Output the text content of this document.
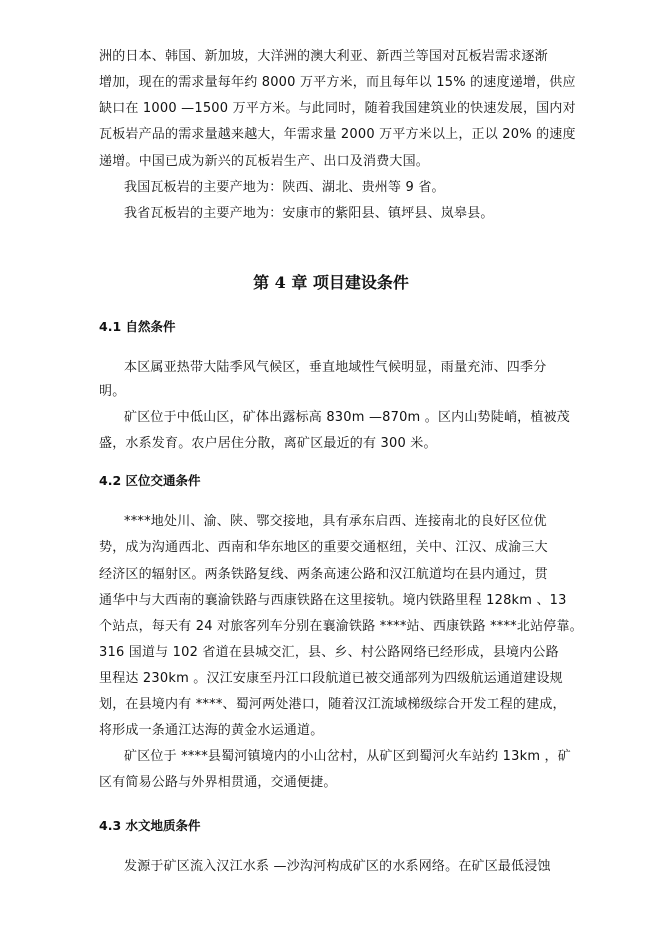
洲的日本、韩国、新加坡，大洋洲的澳大利亚、新西兰等国对瓦板岩需求逐渐
增加，现在的需求量每年约 8000 万平方米，而且每年以 15% 的速度递增，供应
缺口在 1000 —1500 万平方米。与此同时，随着我国建筑业的快速发展，国内对
瓦板岩产品的需求量越来越大，年需求量 2000 万平方米以上，正以 20% 的速度
递增。中国已成为新兴的瓦板岩生产、出口及消费大国。
我国瓦板岩的主要产地为：陕西、湖北、贵州等 9 省。
我省瓦板岩的主要产地为：安康市的紫阳县、镇坪县、岚皋县。
第 4 章 项目建设条件
4.1 自然条件
本区属亚热带大陆季风气候区，垂直地域性气候明显，雨量充沛、四季分
明。
矿区位于中低山区，矿体出露标高 830m —870m 。区内山势陡峭，植被茂
盛，水系发育。农户居住分散，离矿区最近的有 300 米。
4.2 区位交通条件
****地处川、渝、陕、鄂交接地，具有承东启西、连接南北的良好区位优
势，成为沟通西北、西南和华东地区的重要交通枢纽，关中、江汉、成渝三大
经济区的辐射区。两条铁路复线、两条高速公路和汉江航道均在县内通过，贯
通华中与大西南的襄渝铁路与西康铁路在这里接轨。境内铁路里程 128km 、13
个站点，每天有 24 对旅客列车分别在襄渝铁路 ****站、西康铁路 ****北站停靠。
316 国道与 102 省道在县城交汇，县、乡、村公路网络已经形成，县境内公路
里程达 230km 。汉江安康至丹江口段航道已被交通部列为四级航运通道建设规
划，在县境内有 ****、蜀河两处港口，随着汉江流域梯级综合开发工程的建成，
将形成一条通江达海的黄金水运通道。
矿区位于 ****县蜀河镇境内的小山岔村，从矿区到蜀河火车站约 13km ，矿
区有简易公路与外界相贯通，交通便捷。
4.3 水文地质条件
发源于矿区流入汉江水系 —沙沟河构成矿区的水系网络。在矿区最低浸蚀
